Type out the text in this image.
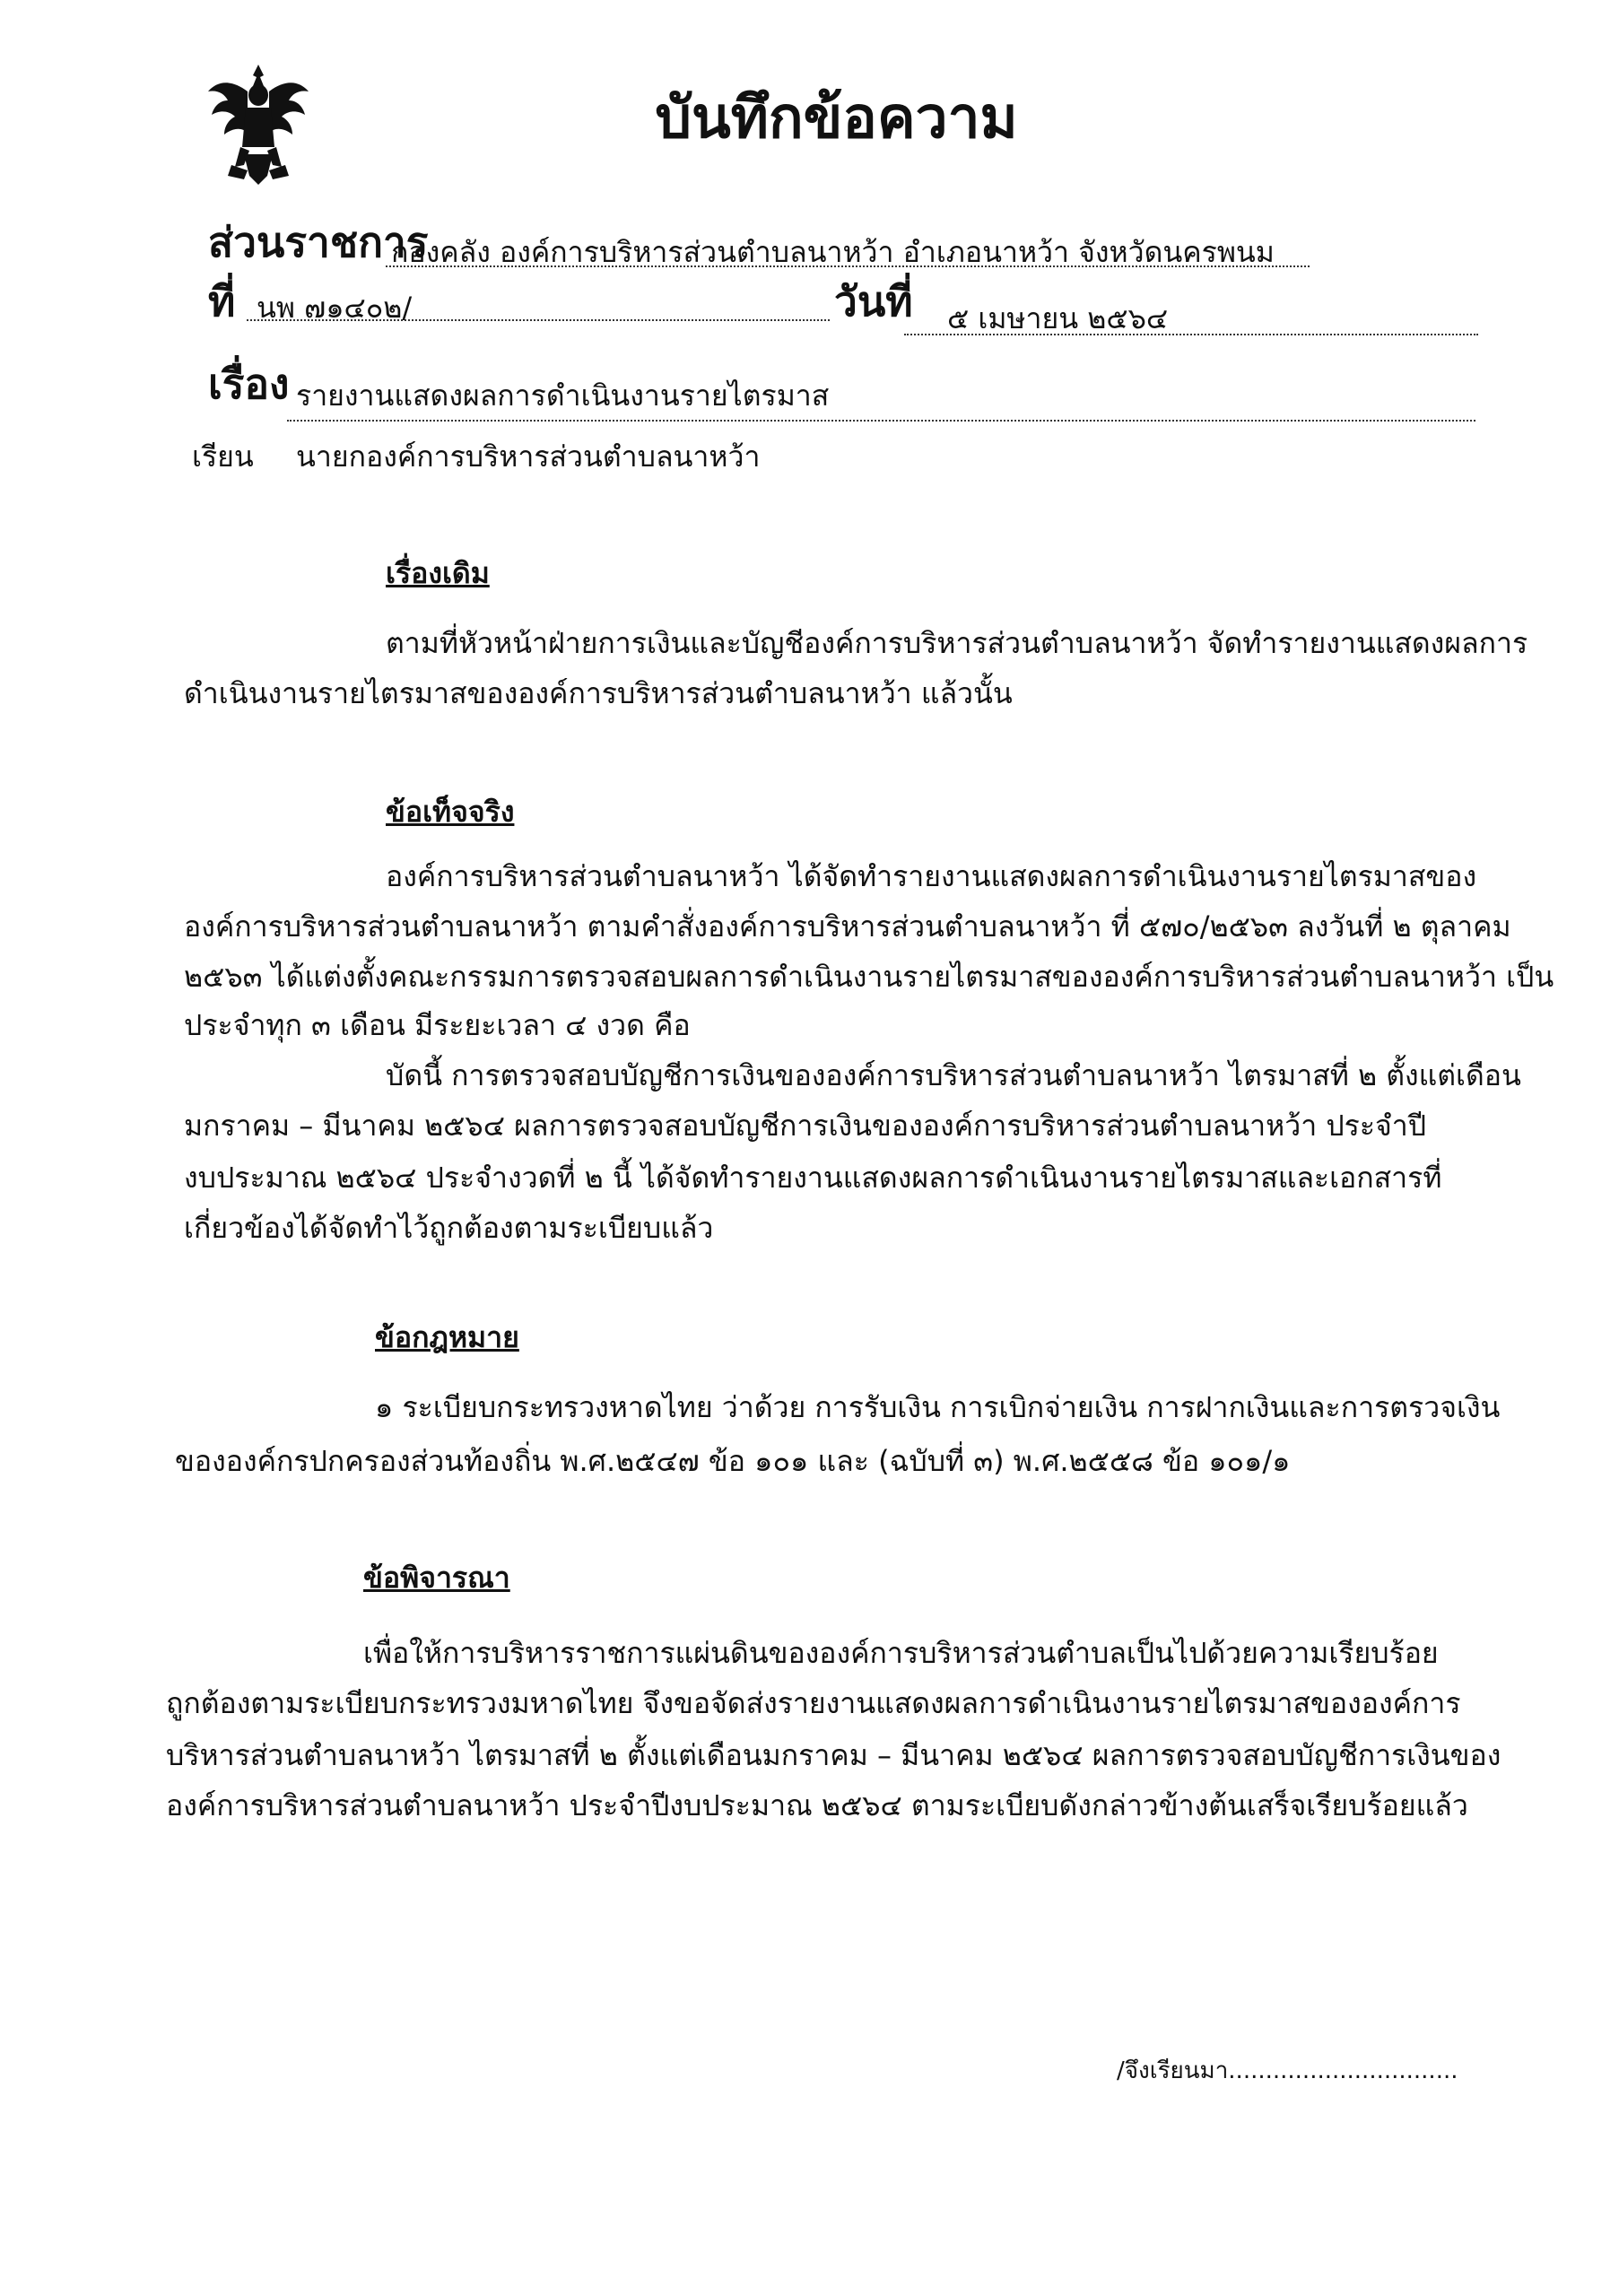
บันทึกข้อความ
ส่วนราชการ
กองคลัง องค์การบริหารส่วนตำบลนาหว้า อำเภอนาหว้า จังหวัดนครพนม
ที่ นพ ๗๑๔๐๒/	วันที่ ๕ เมษายน ๒๕๖๔
เรื่อง รายงานแสดงผลการดำเนินงานรายไตรมาส
เรียน นายกองค์การบริหารส่วนตำบลนาหว้า
เรื่องเดิม
ตามที่หัวหน้าฝ่ายการเงินและบัญชีองค์การบริหารส่วนตำบลนาหว้า จัดทำรายงานแสดงผลการ
ดำเนินงานรายไตรมาสขององค์การบริหารส่วนตำบลนาหว้า แล้วนั้น
ข้อเท็จจริง
องค์การบริหารส่วนตำบลนาหว้า ได้จัดทำรายงานแสดงผลการดำเนินงานรายไตรมาสของ
องค์การบริหารส่วนตำบลนาหว้า ตามคำสั่งองค์การบริหารส่วนตำบลนาหว้า ที่ ๕๗๐/๒๕๖๓ ลงวันที่ ๒ ตุลาคม
๒๕๖๓ ได้แต่งตั้งคณะกรรมการตรวจสอบผลการดำเนินงานรายไตรมาสขององค์การบริหารส่วนตำบลนาหว้า เป็น
ประจำทุก ๓ เดือน มีระยะเวลา ๔ งวด คือ
บัดนี้ การตรวจสอบบัญชีการเงินขององค์การบริหารส่วนตำบลนาหว้า ไตรมาสที่ ๒ ตั้งแต่เดือน
มกราคม – มีนาคม ๒๕๖๔ ผลการตรวจสอบบัญชีการเงินขององค์การบริหารส่วนตำบลนาหว้า ประจำปี
งบประมาณ ๒๕๖๔ ประจำงวดที่ ๒ นี้ ได้จัดทำรายงานแสดงผลการดำเนินงานรายไตรมาสและเอกสารที่
เกี่ยวข้องได้จัดทำไว้ถูกต้องตามระเบียบแล้ว
ข้อกฎหมาย
๑ ระเบียบกระทรวงหาดไทย ว่าด้วย การรับเงิน การเบิกจ่ายเงิน การฝากเงินและการตรวจเงิน
ขององค์กรปกครองส่วนท้องถิ่น พ.ศ.๒๕๔๗ ข้อ ๑๐๑ และ (ฉบับที่ ๓) พ.ศ.๒๕๕๘ ข้อ ๑๐๑/๑
ข้อพิจารณา
เพื่อให้การบริหารราชการแผ่นดินขององค์การบริหารส่วนตำบลเป็นไปด้วยความเรียบร้อย
ถูกต้องตามระเบียบกระทรวงมหาดไทย จึงขอจัดส่งรายงานแสดงผลการดำเนินงานรายไตรมาสขององค์การ
บริหารส่วนตำบลนาหว้า ไตรมาสที่ ๒ ตั้งแต่เดือนมกราคม – มีนาคม ๒๕๖๔ ผลการตรวจสอบบัญชีการเงินของ
องค์การบริหารส่วนตำบลนาหว้า ประจำปีงบประมาณ ๒๕๖๔ ตามระเบียบดังกล่าวข้างต้นเสร็จเรียบร้อยแล้ว
/จึงเรียนมา...............................
